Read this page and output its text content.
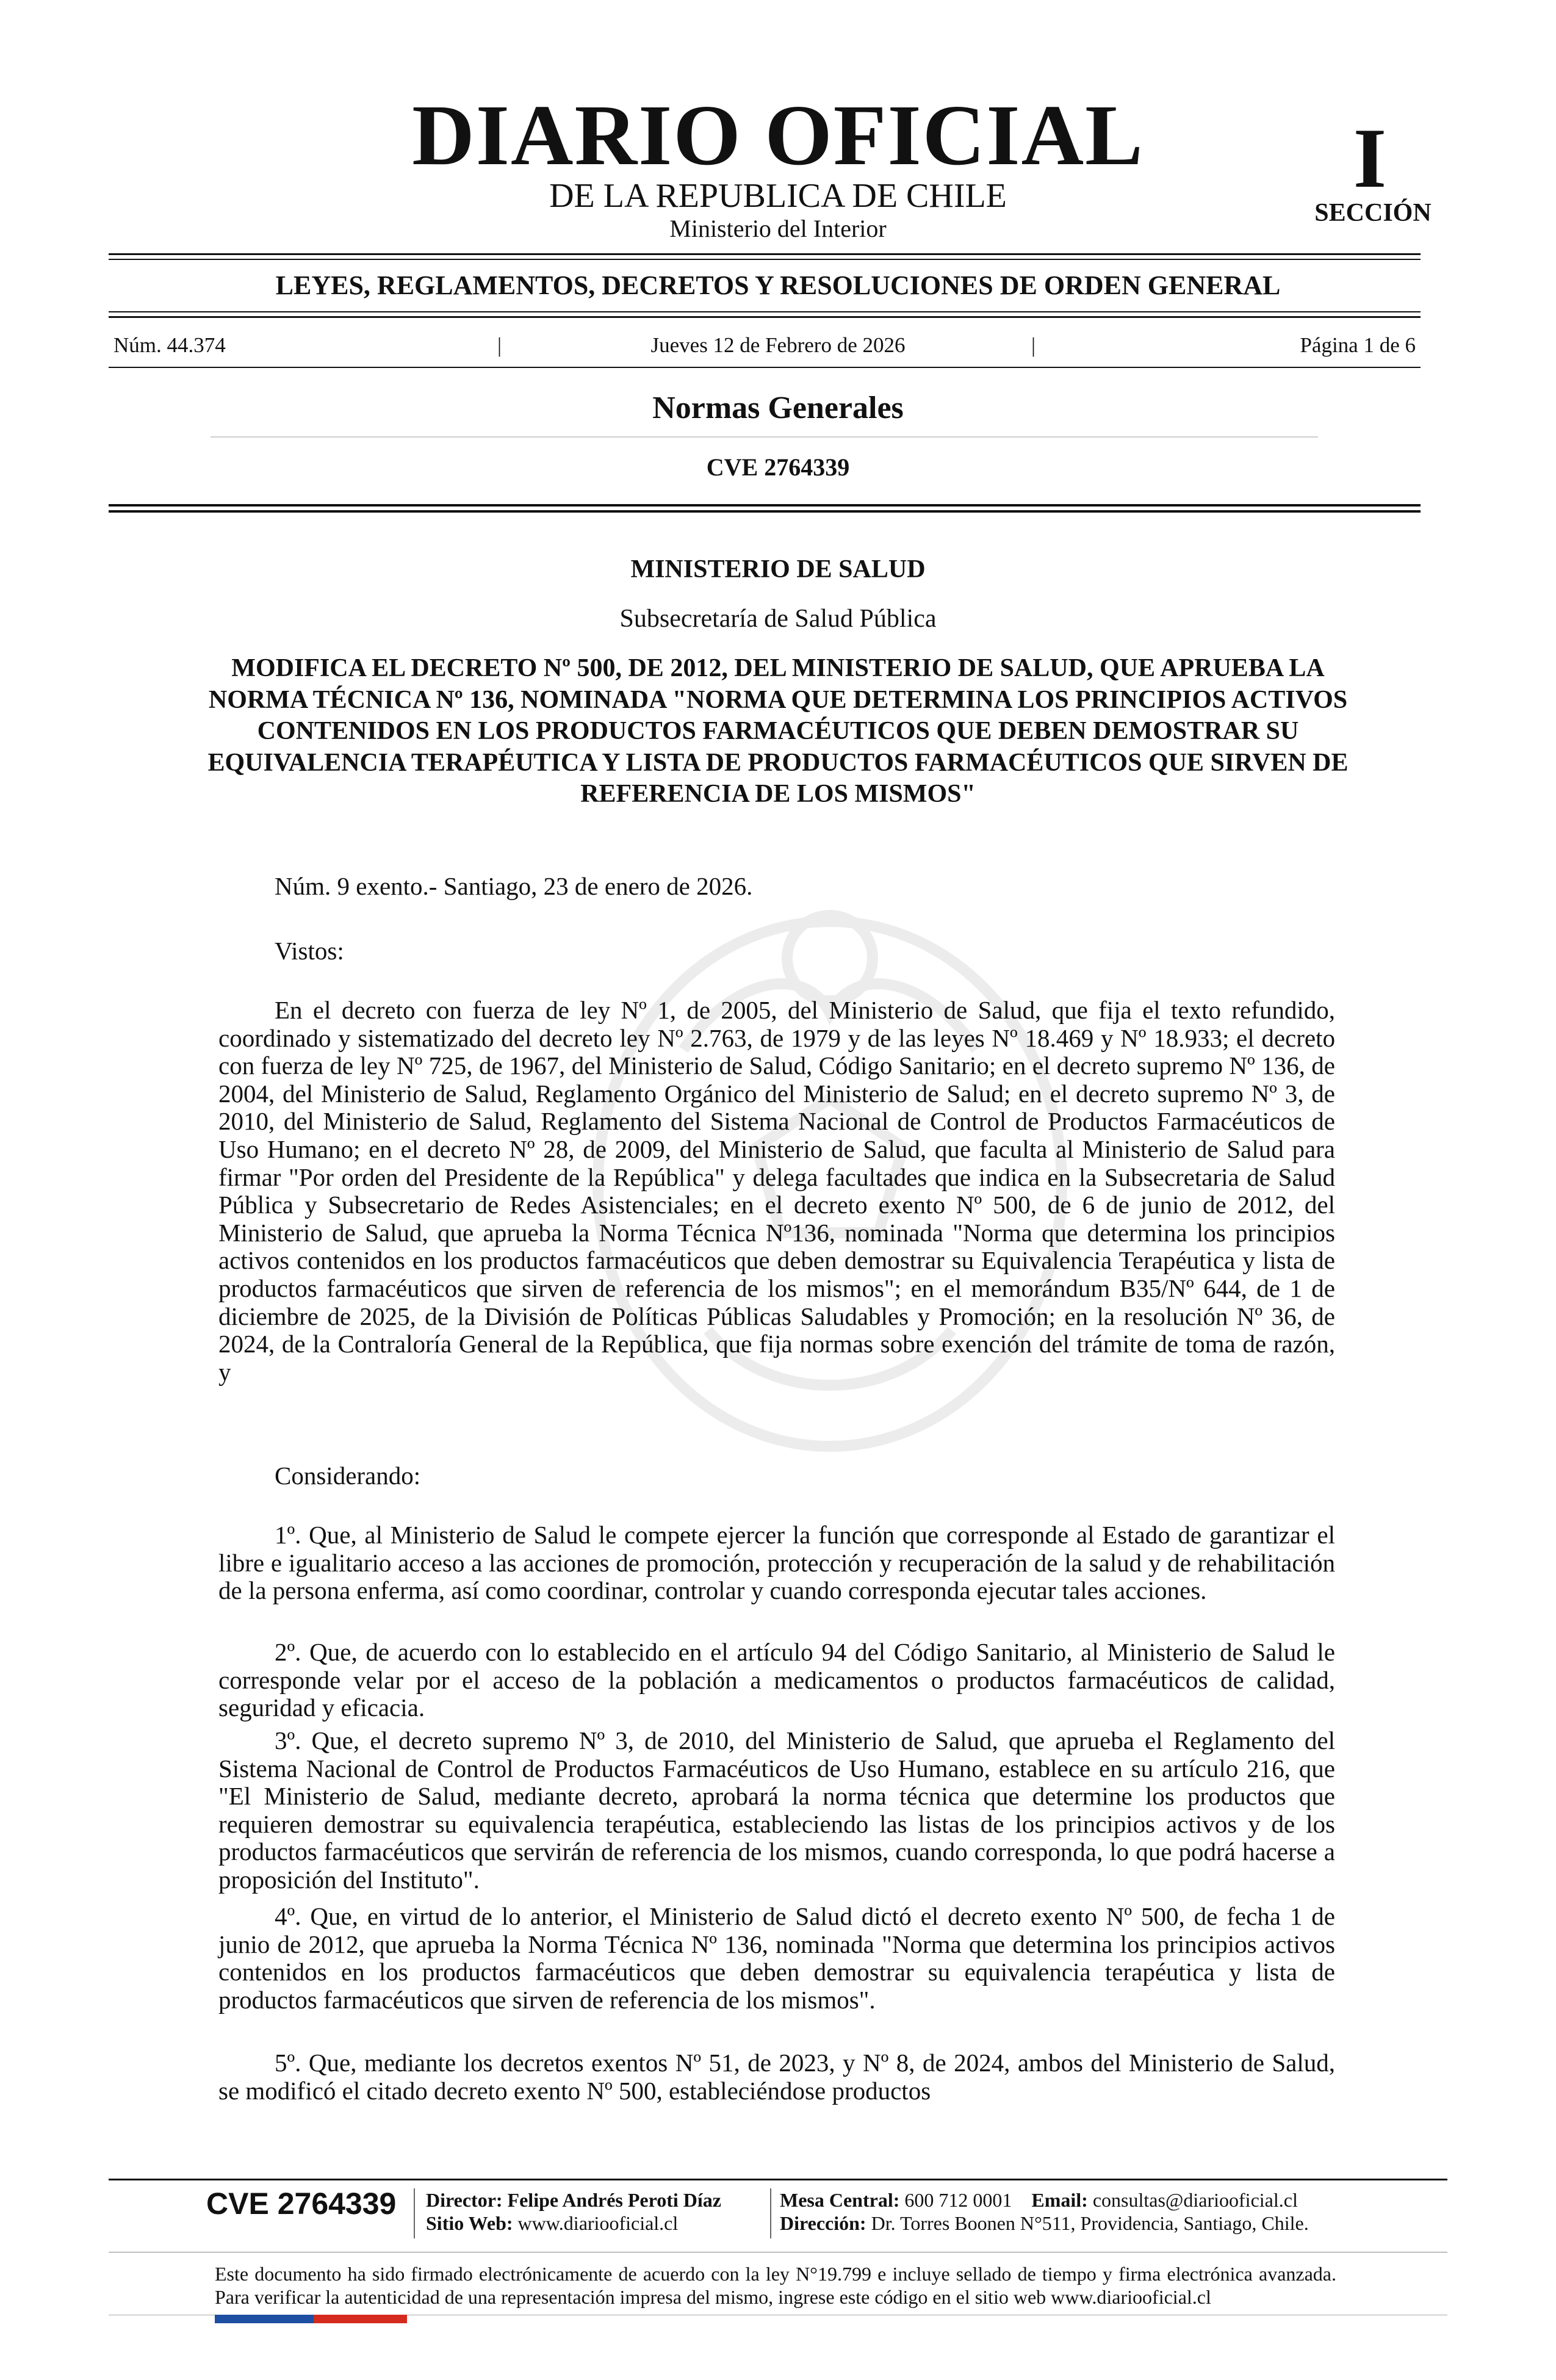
DIARIO OFICIAL
DE LA REPUBLICA DE CHILE
Ministerio del Interior
I
SECCIÓN
LEYES, REGLAMENTOS, DECRETOS Y RESOLUCIONES DE ORDEN GENERAL
Núm. 44.374	|	Jueves 12 de Febrero de 2026	|	Página 1 de 6
Normas Generales
CVE 2764339
MINISTERIO DE SALUD
Subsecretaría de Salud Pública

MODIFICA EL DECRETO Nº 500, DE 2012, DEL MINISTERIO DE SALUD, QUE APRUEBA LA NORMA TÉCNICA Nº 136, NOMINADA "NORMA QUE DETERMINA LOS PRINCIPIOS ACTIVOS CONTENIDOS EN LOS PRODUCTOS FARMACÉUTICOS QUE DEBEN DEMOSTRAR SU EQUIVALENCIA TERAPÉUTICA Y LISTA DE PRODUCTOS FARMACÉUTICOS QUE SIRVEN DE REFERENCIA DE LOS MISMOS"

Núm. 9 exento.- Santiago, 23 de enero de 2026.
Vistos:

En el decreto con fuerza de ley Nº 1, de 2005, del Ministerio de Salud, que fija el texto refundido, coordinado y sistematizado del decreto ley Nº 2.763, de 1979 y de las leyes Nº 18.469 y Nº 18.933; el decreto con fuerza de ley Nº 725, de 1967, del Ministerio de Salud, Código Sanitario; en el decreto supremo Nº 136, de 2004, del Ministerio de Salud, Reglamento Orgánico del Ministerio de Salud; en el decreto supremo Nº 3, de 2010, del Ministerio de Salud, Reglamento del Sistema Nacional de Control de Productos Farmacéuticos de Uso Humano; en el decreto Nº 28, de 2009, del Ministerio de Salud, que faculta al Ministerio de Salud para firmar "Por orden del Presidente de la República" y delega facultades que indica en la Subsecretaria de Salud Pública y Subsecretario de Redes Asistenciales; en el decreto exento Nº 500, de 6 de junio de 2012, del Ministerio de Salud, que aprueba la Norma Técnica Nº136, nominada "Norma que determina los principios activos contenidos en los productos farmacéuticos que deben demostrar su Equivalencia Terapéutica y lista de productos farmacéuticos que sirven de referencia de los mismos"; en el memorándum B35/Nº 644, de 1 de diciembre de 2025, de la División de Políticas Públicas Saludables y Promoción; en la resolución Nº 36, de 2024, de la Contraloría General de la República, que fija normas sobre exención del trámite de toma de razón, y

Considerando:

1º. Que, al Ministerio de Salud le compete ejercer la función que corresponde al Estado de garantizar el libre e igualitario acceso a las acciones de promoción, protección y recuperación de la salud y de rehabilitación de la persona enferma, así como coordinar, controlar y cuando corresponda ejecutar tales acciones.

2º. Que, de acuerdo con lo establecido en el artículo 94 del Código Sanitario, al Ministerio de Salud le corresponde velar por el acceso de la población a medicamentos o productos farmacéuticos de calidad, seguridad y eficacia.

3º. Que, el decreto supremo Nº 3, de 2010, del Ministerio de Salud, que aprueba el Reglamento del Sistema Nacional de Control de Productos Farmacéuticos de Uso Humano, establece en su artículo 216, que "El Ministerio de Salud, mediante decreto, aprobará la norma técnica que determine los productos que requieren demostrar su equivalencia terapéutica, estableciendo las listas de los principios activos y de los productos farmacéuticos que servirán de referencia de los mismos, cuando corresponda, lo que podrá hacerse a proposición del Instituto".

4º. Que, en virtud de lo anterior, el Ministerio de Salud dictó el decreto exento Nº 500, de fecha 1 de junio de 2012, que aprueba la Norma Técnica Nº 136, nominada "Norma que determina los principios activos contenidos en los productos farmacéuticos que deben demostrar su equivalencia terapéutica y lista de productos farmacéuticos que sirven de referencia de los mismos".

5º. Que, mediante los decretos exentos Nº 51, de 2023, y Nº 8, de 2024, ambos del Ministerio de Salud, se modificó el citado decreto exento Nº 500, estableciéndose productos

CVE 2764339	Director: Felipe Andrés Peroti Díaz
Sitio Web: www.diariooficial.cl
Mesa Central: 600 712 0001 Email: consultas@diariooficial.cl
Dirección: Dr. Torres Boonen N°511, Providencia, Santiago, Chile.

Este documento ha sido firmado electrónicamente de acuerdo con la ley N°19.799 e incluye sellado de tiempo y firma electrónica avanzada. Para verificar la autenticidad de una representación impresa del mismo, ingrese este código en el sitio web www.diariooficial.cl
